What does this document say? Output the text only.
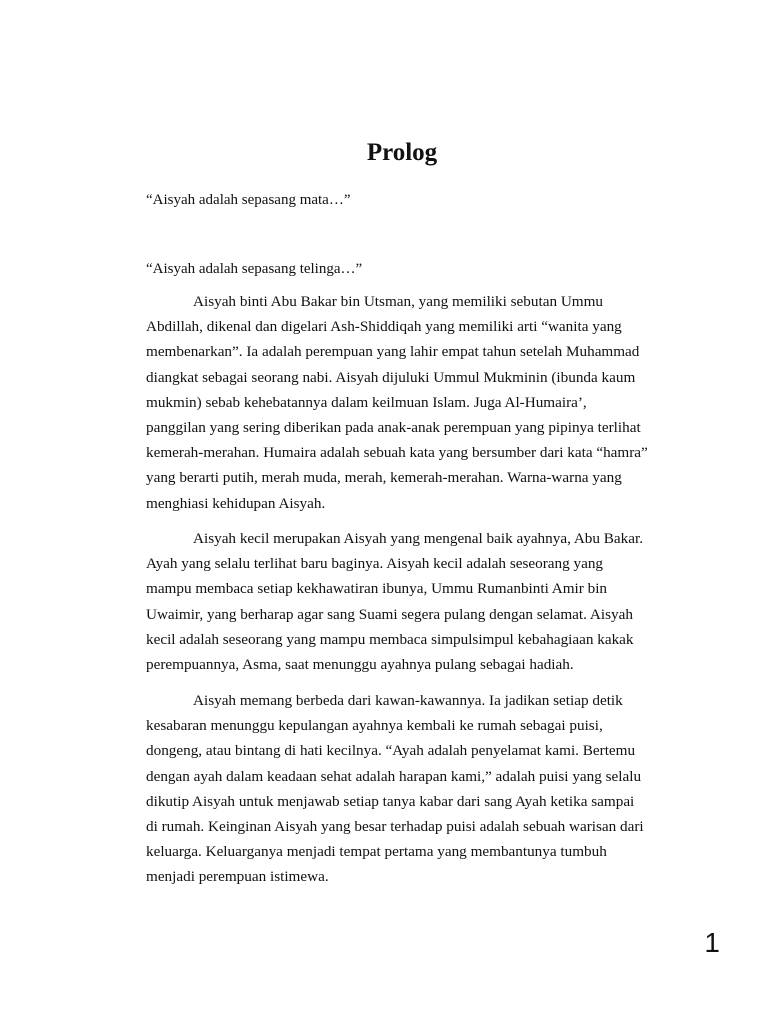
Prolog

“Aisyah adalah sepasang mata…”

“Aisyah adalah sepasang telinga…”

Aisyah binti Abu Bakar bin Utsman, yang memiliki sebutan Ummu
Abdillah, dikenal dan digelari Ash-Shiddiqah yang memiliki arti “wanita yang
membenarkan”. Ia adalah perempuan yang lahir empat tahun setelah Muhammad
diangkat sebagai seorang nabi. Aisyah dijuluki Ummul Mukminin (ibunda kaum
mukmin) sebab kehebatannya dalam keilmuan Islam. Juga Al-Humaira’,
panggilan yang sering diberikan pada anak-anak perempuan yang pipinya terlihat
kemerah-merahan. Humaira adalah sebuah kata yang bersumber dari kata “hamra”
yang berarti putih, merah muda, merah, kemerah-merahan. Warna-warna yang
menghiasi kehidupan Aisyah.
Aisyah kecil merupakan Aisyah yang mengenal baik ayahnya, Abu Bakar.
Ayah yang selalu terlihat baru baginya. Aisyah kecil adalah seseorang yang
mampu membaca setiap kekhawatiran ibunya, Ummu Rumanbinti Amir bin
Uwaimir, yang berharap agar sang Suami segera pulang dengan selamat. Aisyah
kecil adalah seseorang yang mampu membaca simpulsimpul kebahagiaan kakak
perempuannya, Asma, saat menunggu ayahnya pulang sebagai hadiah.
Aisyah memang berbeda dari kawan-kawannya. Ia jadikan setiap detik
kesabaran menunggu kepulangan ayahnya kembali ke rumah sebagai puisi,
dongeng, atau bintang di hati kecilnya. “Ayah adalah penyelamat kami. Bertemu
dengan ayah dalam keadaan sehat adalah harapan kami,” adalah puisi yang selalu
dikutip Aisyah untuk menjawab setiap tanya kabar dari sang Ayah ketika sampai
di rumah. Keinginan Aisyah yang besar terhadap puisi adalah sebuah warisan dari
keluarga. Keluarganya menjadi tempat pertama yang membantunya tumbuh
menjadi perempuan istimewa.

1
